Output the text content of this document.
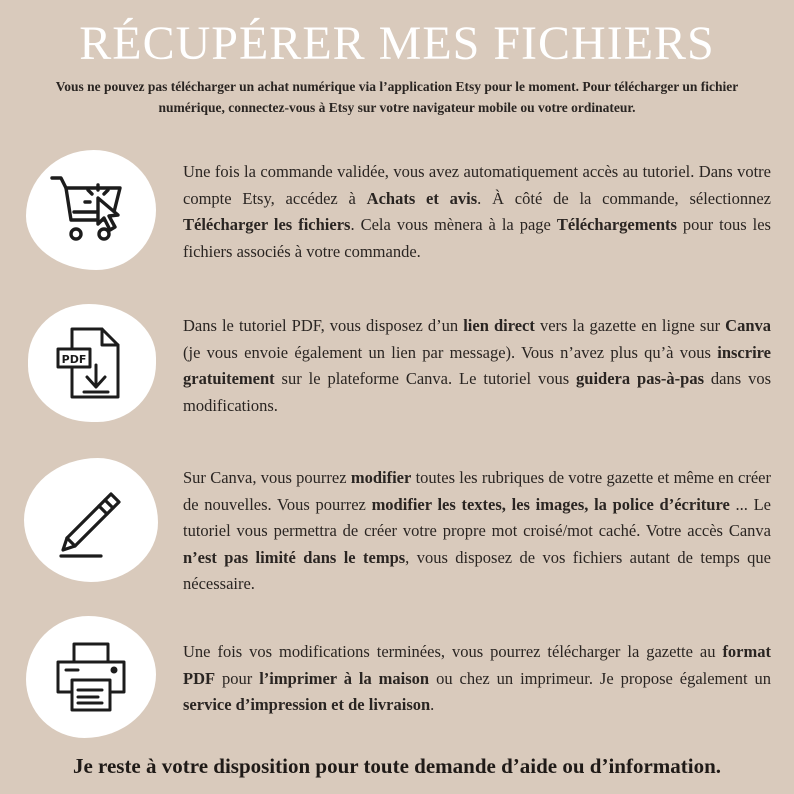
RÉCUPÉRER MES FICHIERS
Vous ne pouvez pas télécharger un achat numérique via l’application Etsy pour le moment. Pour télécharger un fichier numérique, connectez-vous à Etsy sur votre navigateur mobile ou votre ordinateur.
Une fois la commande validée, vous avez automatiquement accès au tutoriel. Dans votre compte Etsy, accédez à Achats et avis. À côté de la commande, sélectionnez Télécharger les fichiers. Cela vous mènera à la page Téléchargements pour tous les fichiers associés à votre commande.
PDF
Dans le tutoriel PDF, vous disposez d’un lien direct vers la gazette en ligne sur Canva (je vous envoie également un lien par message). Vous n’avez plus qu’à vous inscrire gratuitement sur le plateforme Canva. Le tutoriel vous guidera pas-à-pas dans vos modifications.
Sur Canva, vous pourrez modifier toutes les rubriques de votre gazette et même en créer de nouvelles. Vous pourrez modifier les textes, les images, la police d’écriture ... Le tutoriel vous permettra de créer votre propre mot croisé/mot caché. Votre accès Canva n’est pas limité dans le temps, vous disposez de vos fichiers autant de temps que nécessaire.
Une fois vos modifications terminées, vous pourrez télécharger la gazette au format PDF pour l’imprimer à la maison ou chez un imprimeur. Je propose également un service d’impression et de livraison.
Je reste à votre disposition pour toute demande d’aide ou d’information.
